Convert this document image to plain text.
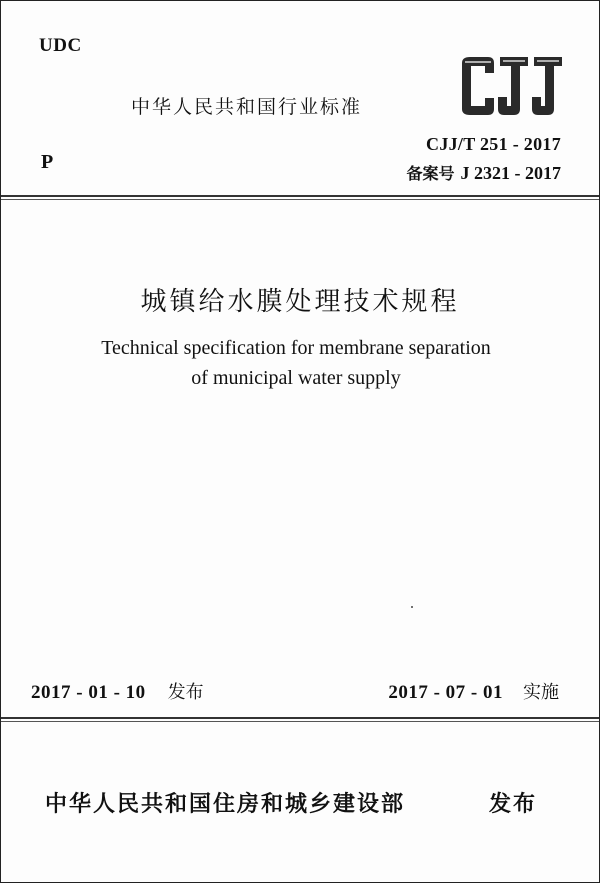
UDC
中华人民共和国行业标准
P
CJJ/T 251 - 2017
备案号 J 2321 - 2017
城镇给水膜处理技术规程
Technical specification for membrane separation
of municipal water supply
2017 - 01 - 10 发布	2017 - 07 - 01 实施
中华人民共和国住房和城乡建设部	发布
